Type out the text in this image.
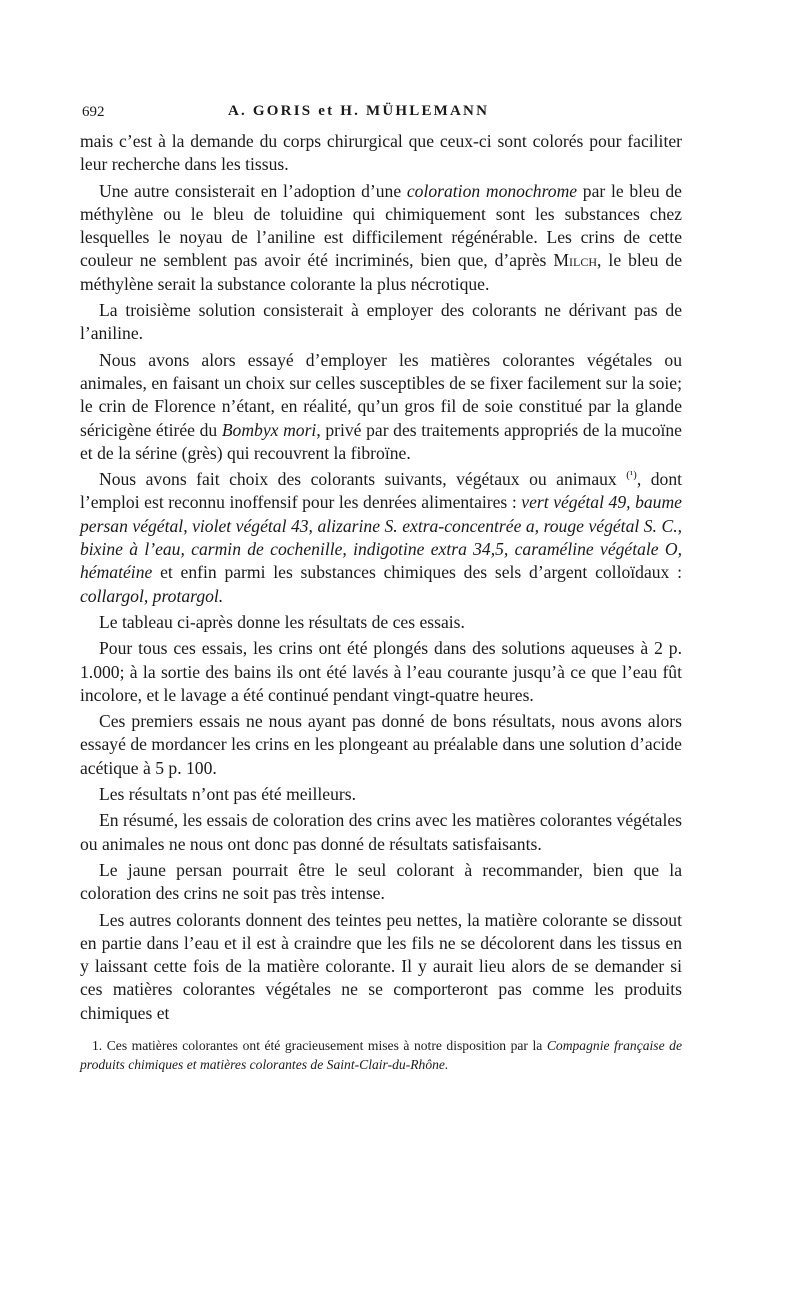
692	A. GORIS et H. MÜHLEMANN

mais c’est à la demande du corps chirurgical que ceux-ci sont colorés pour faciliter leur recherche dans les tissus.

Une autre consisterait en l’adoption d’une coloration monochrome par le bleu de méthylène ou le bleu de toluidine qui chimiquement sont les substances chez lesquelles le noyau de l’aniline est difficilement régénérable. Les crins de cette couleur ne semblent pas avoir été incriminés, bien que, d’après Milch, le bleu de méthylène serait la substance colorante la plus nécrotique.

La troisième solution consisterait à employer des colorants ne dérivant pas de l’aniline.

Nous avons alors essayé d’employer les matières colorantes végétales ou animales, en faisant un choix sur celles susceptibles de se fixer facilement sur la soie; le crin de Florence n’étant, en réalité, qu’un gros fil de soie constitué par la glande séricigène étirée du Bombyx mori, privé par des traitements appropriés de la mucoïne et de la sérine (grès) qui recouvrent la fibroïne.

Nous avons fait choix des colorants suivants, végétaux ou animaux $^{(^1)}$, dont l’emploi est reconnu inoffensif pour les denrées alimentaires : vert végétal 49, baume persan végétal, violet végétal 43, alizarine S. extra-concentrée a, rouge végétal S. C., bixine à l’eau, carmin de cochenille, indigotine extra 34,5, caraméline végétale O, hématéine et enfin parmi les substances chimiques des sels d’argent colloïdaux : collargol, protargol.

Le tableau ci-après donne les résultats de ces essais.

Pour tous ces essais, les crins ont été plongés dans des solutions aqueuses à 2 p. 1.000; à la sortie des bains ils ont été lavés à l’eau courante jusqu’à ce que l’eau fût incolore, et le lavage a été continué pendant vingt-quatre heures.

Ces premiers essais ne nous ayant pas donné de bons résultats, nous avons alors essayé de mordancer les crins en les plongeant au préalable dans une solution d’acide acétique à 5 p. 100.

Les résultats n’ont pas été meilleurs.

En résumé, les essais de coloration des crins avec les matières colorantes végétales ou animales ne nous ont donc pas donné de résultats satisfaisants.

Le jaune persan pourrait être le seul colorant à recommander, bien que la coloration des crins ne soit pas très intense.

Les autres colorants donnent des teintes peu nettes, la matière colorante se dissout en partie dans l’eau et il est à craindre que les fils ne se décolorent dans les tissus en y laissant cette fois de la matière colorante. Il y aurait lieu alors de se demander si ces matières colorantes végétales ne se comporteront pas comme les produits chimiques et

1. Ces matières colorantes ont été gracieusement mises à notre disposition par la Compagnie française de produits chimiques et matières colorantes de Saint-Clair-du-Rhône.
